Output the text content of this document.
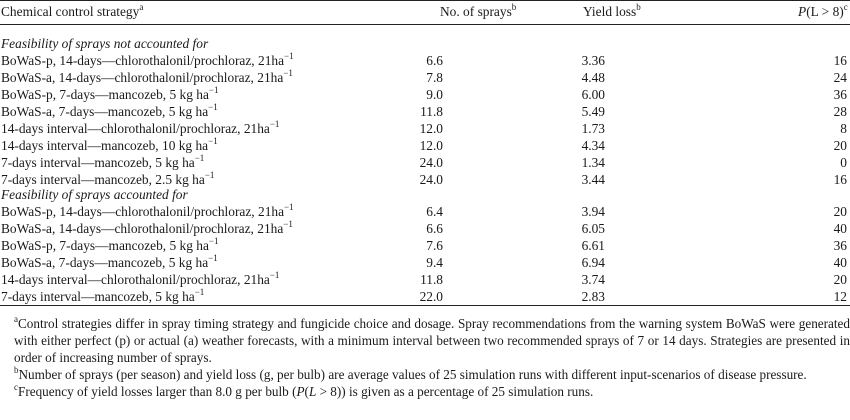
Chemical control strategy$^a$	No. of sprays$^b$	Yield loss$^b$	P(L > 8)$^c$
Feasibility of sprays not accounted for
BoWaS-p, 14-days—chlorothalonil/prochloraz, $21ha^{-1}$	6.6	3.36	16
BoWaS-a, 14-days—chlorothalonil/prochloraz, $21ha^{-1}$	7.8	4.48	24
BoWaS-p, 7-days—mancozeb, 5 kg $ha^{-1}$	9.0	6.00	36
BoWaS-a, 7-days—mancozeb, 5 kg $ha^{-1}$	11.8	5.49	28
14-days interval—chlorothalonil/prochloraz, $21ha^{-1}$	12.0	1.73	8
14-days interval—mancozeb, 10 kg $ha^{-1}$	12.0	4.34	20
7-days interval—mancozeb, 5 kg $ha^{-1}$	24.0	1.34	0
7-days interval—mancozeb, 2.5 kg $ha^{-1}$	24.0	3.44	16
Feasibility of sprays accounted for
BoWaS-p, 14-days—chlorothalonil/prochloraz, $21ha^{-1}$	6.4	3.94	20
BoWaS-a, 14-days—chlorothalonil/prochloraz, $21ha^{-1}$	6.6	6.05	40
BoWaS-p, 7-days—mancozeb, 5 kg $ha^{-1}$	7.6	6.61	36
BoWaS-a, 7-days—mancozeb, 5 kg $ha^{-1}$	9.4	6.94	40
14-days interval—chlorothalonil/prochloraz, $21ha^{-1}$	11.8	3.74	20
7-days interval—mancozeb, 5 kg $ha^{-1}$	22.0	2.83	12

$^a$Control strategies differ in spray timing strategy and fungicide choice and dosage. Spray recommendations from the warning system BoWaS were generated with either perfect (p) or actual (a) weather forecasts, with a minimum interval between two recommended sprays of 7 or 14 days. Strategies are presented in order of increasing number of sprays.

$^b$Number of sprays (per season) and yield loss (g, per bulb) are average values of 25 simulation runs with different input-scenarios of disease pressure.

$^c$Frequency of yield losses larger than 8.0 g per bulb (P(L > 8)) is given as a percentage of 25 simulation runs.
